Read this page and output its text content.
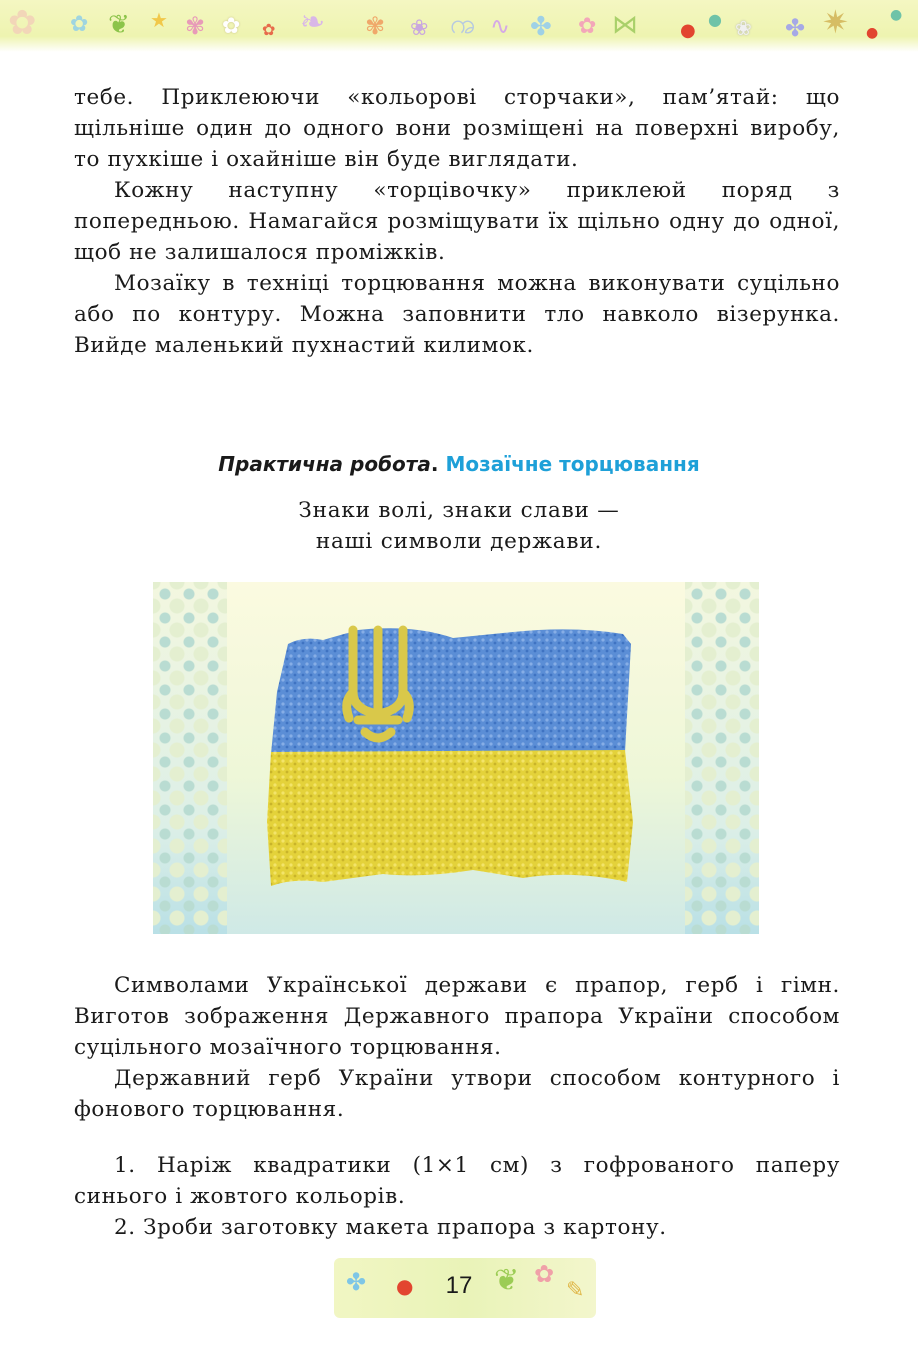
✿ ✿ ❦ ★ ✾ ✿ ✿ ❧ ✾ ❀ ꩠ ∿ ✤ ✿ ⋈ ●
● ❀ ✤ ✷ ●
●

тебе. Приклеюючи «кольорові сторчаки», пам’ятай: що щільніше один до одного вони розміщені на поверхні виробу, то пухкіше і охайніше він буде виглядати.

Кожну наступну «торцівочку» приклеюй поряд з попередньою. Намагайся розміщувати їх щільно одну до одної, щоб не залишалося проміжків.

Мозаїку в техніці торцювання можна виконувати суцільно або по контуру. Можна заповнити тло навколо візерунка. Вийде маленький пухнастий килимок.

Практична робота. Мозаїчне торцювання
Знаки волі, знаки слави —
наші символи держави.

Символами Української держави є прапор, герб і гімн. Виготов зображення Державного прапора України способом суцільного мозаїчного торцювання.

Державний герб України утвори способом контурного і фонового торцювання.

1. Наріж квадратики (1×1 см) з гофрованого паперу синього і жовтого кольорів.

2. Зроби заготовку макета прапора з картону.

✤ ●	❦ ✿
✎
17
